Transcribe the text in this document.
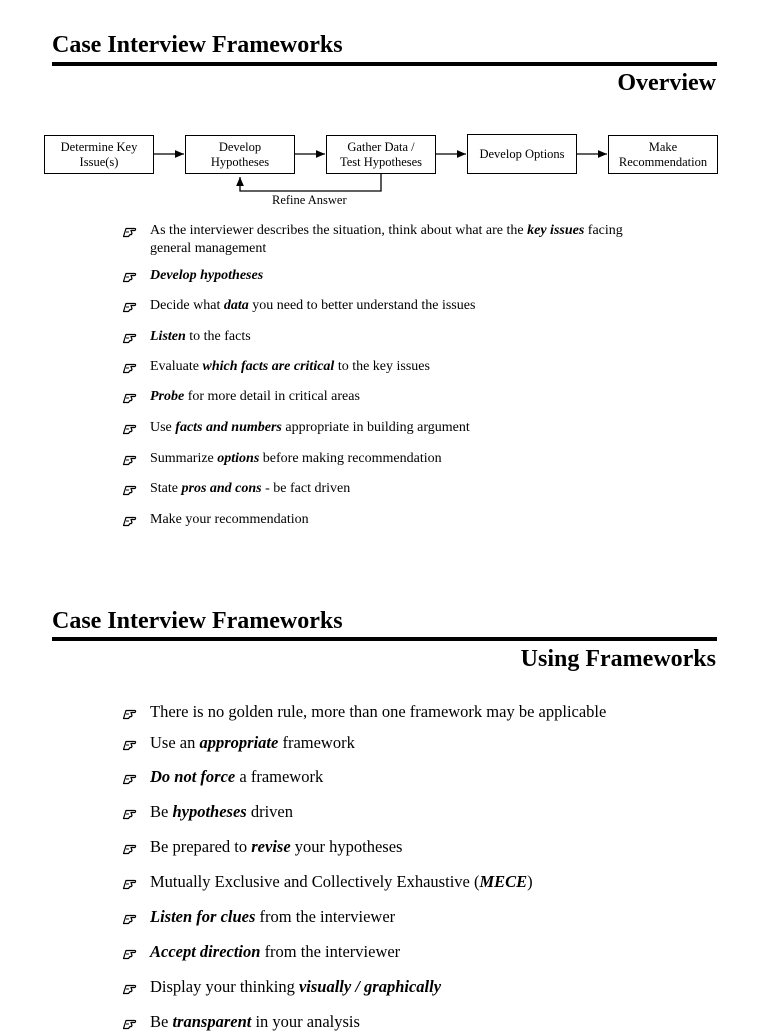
Case Interview Frameworks
Overview
Determine Key
Issue(s)
Develop
Hypotheses
Gather Data /
Test Hypotheses
Develop Options	Make
Recommendation
Refine Answer
As the interviewer describes the situation, think about what are the key issues facing general management
Develop hypotheses
Decide what data you need to better understand the issues
Listen to the facts
Evaluate which facts are critical to the key issues
Probe for more detail in critical areas
Use facts and numbers appropriate in building argument
Summarize options before making recommendation
State pros and cons - be fact driven
Make your recommendation
Case Interview Frameworks
Using Frameworks
There is no golden rule, more than one framework may be applicable
Use an appropriate framework
Do not force a framework
Be hypotheses driven
Be prepared to revise your hypotheses
Mutually Exclusive and Collectively Exhaustive (MECE)
Listen for clues from the interviewer
Accept direction from the interviewer
Display your thinking visually / graphically
Be transparent in your analysis
